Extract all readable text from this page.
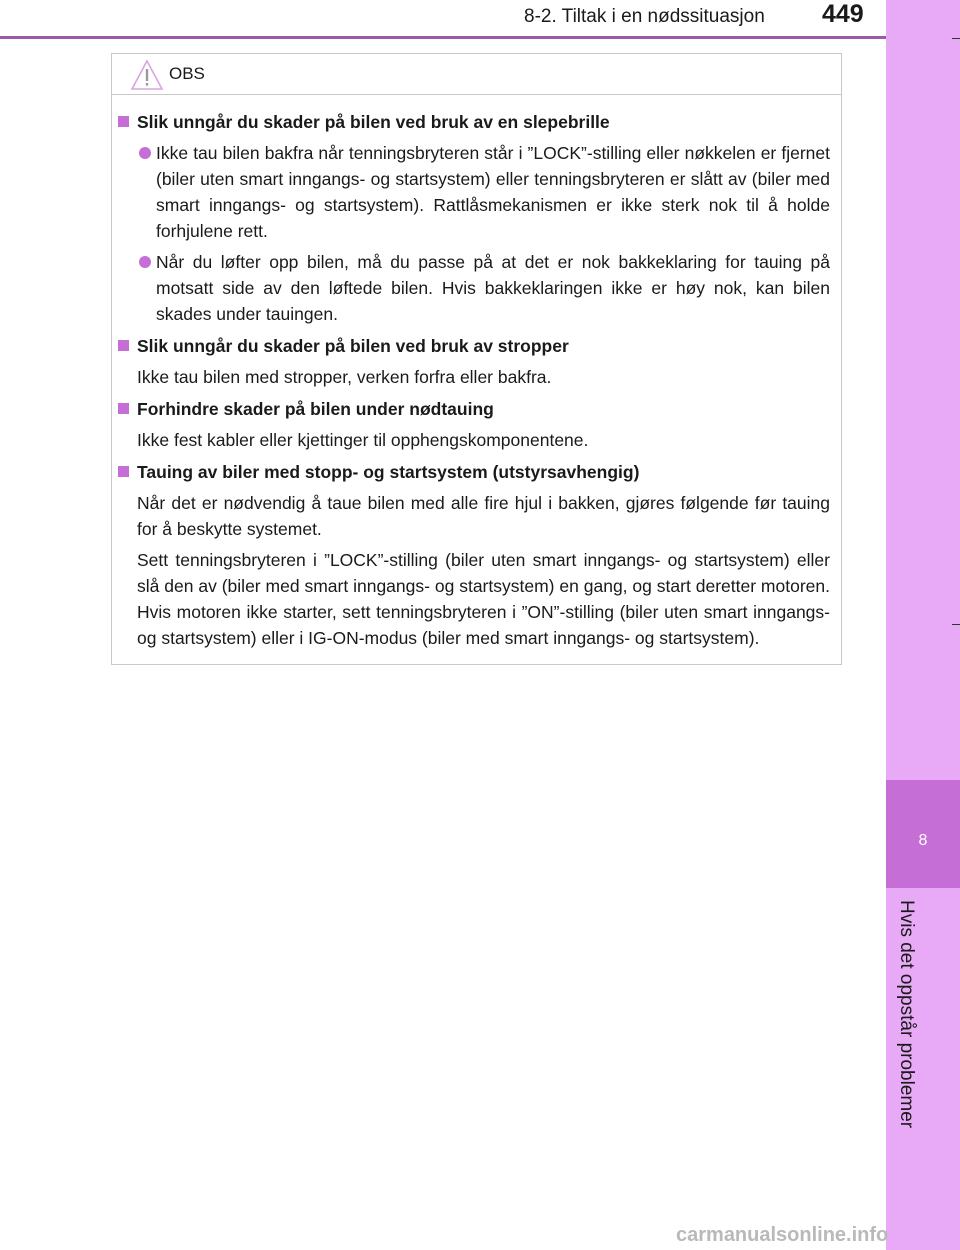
8-2. Tiltak i en nødssituasjon 449
8
Hvis det oppstår problemer
OBS
Slik unngår du skader på bilen ved bruk av en slepebrille
Ikke tau bilen bakfra når tenningsbryteren står i ”LOCK”-stilling eller nøkkelen er fjernet (biler uten smart inngangs- og startsystem) eller tenningsbryteren er slått av (biler med smart inngangs- og startsystem). Rattlåsmekanismen er ikke sterk nok til å holde forhjulene rett.
Når du løfter opp bilen, må du passe på at det er nok bakkeklaring for tauing på motsatt side av den løftede bilen. Hvis bakkeklaringen ikke er høy nok, kan bilen skades under tauingen.
Slik unngår du skader på bilen ved bruk av stropper
Ikke tau bilen med stropper, verken forfra eller bakfra.
Forhindre skader på bilen under nødtauing
Ikke fest kabler eller kjettinger til opphengskomponentene.
Tauing av biler med stopp- og startsystem (utstyrsavhengig)
Når det er nødvendig å taue bilen med alle fire hjul i bakken, gjøres følgende før tauing for å beskytte systemet.
Sett tenningsbryteren i ”LOCK”-stilling (biler uten smart inngangs- og startsystem) eller slå den av (biler med smart inngangs- og startsystem) en gang, og start deretter motoren. Hvis motoren ikke starter, sett tenningsbryteren i ”ON”-stilling (biler uten smart inngangs- og startsystem) eller i IG-ON-modus (biler med smart inngangs- og startsystem).
carmanualsonline.info
